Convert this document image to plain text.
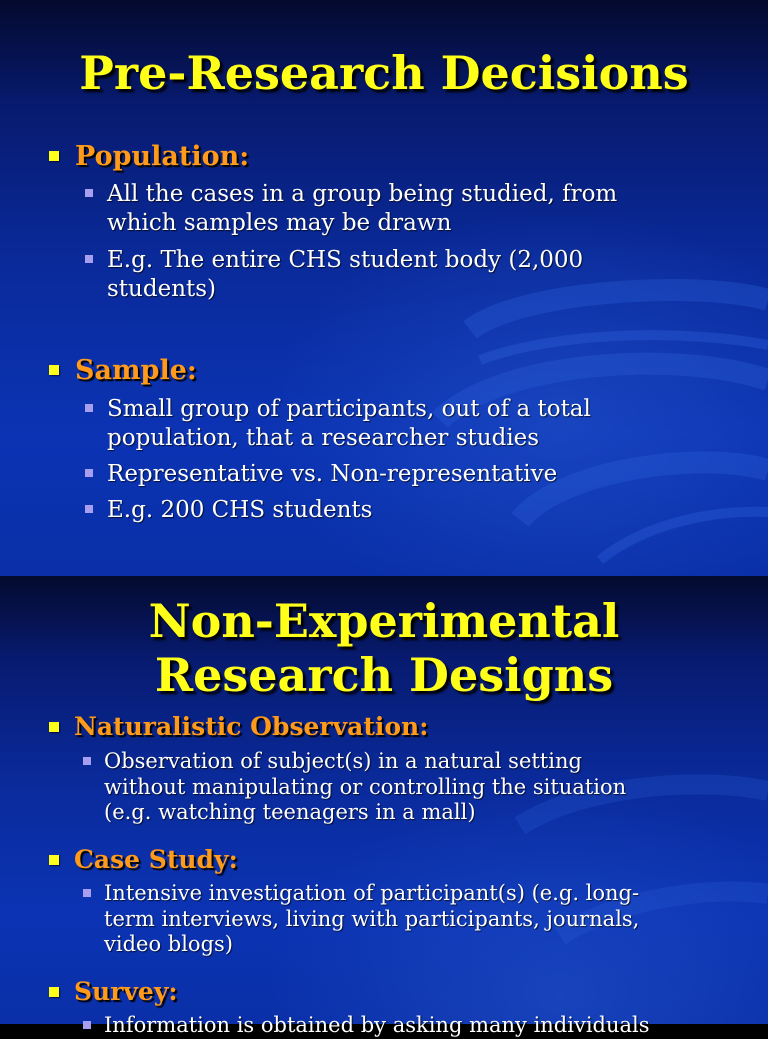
Pre-Research Decisions
Population:
All the cases in a group being studied, from
which samples may be drawn
E.g. The entire CHS student body (2,000
students)
Sample:
Small group of participants, out of a total
population, that a researcher studies
Representative vs. Non-representative
E.g. 200 CHS students
Non-Experimental
Research Designs
Naturalistic Observation:
Observation of subject(s) in a natural setting
without manipulating or controlling the situation
(e.g. watching teenagers in a mall)
Case Study:
Intensive investigation of participant(s) (e.g. long-
term interviews, living with participants, journals,
video blogs)
Survey:
Information is obtained by asking many individuals
